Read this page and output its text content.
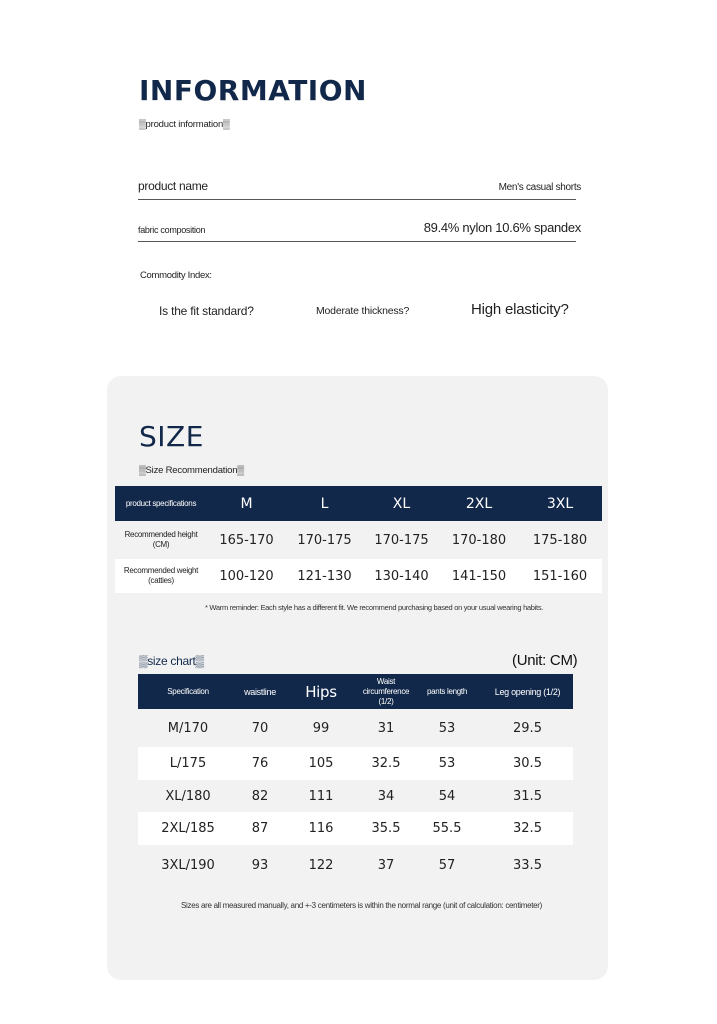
INFORMATION
▒product information▒
product name	Men's casual shorts
fabric composition	89.4% nylon 10.6% spandex
Commodity Index:
Is the fit standard?	Moderate thickness?	High elasticity?
SIZE
▒Size Recommendation▒
product specifications	M	L	XL	2XL	3XL
Recommended height (CM)	165-170	170-175	170-175	170-180	175-180
Recommended weight (catties)	100-120	121-130	130-140	141-150	151-160
* Warm reminder: Each style has a different fit. We recommend purchasing based on your usual wearing habits.
▒size chart▒	(Unit: CM)
Specification	waistline	Hips	Waist circumference (1/2)	pants length	Leg opening (1/2)
M/170	70	99	31	53	29.5
L/175	76	105	32.5	53	30.5
XL/180	82	111	34	54	31.5
2XL/185	87	116	35.5	55.5	32.5
3XL/190	93	122	37	57	33.5
Sizes are all measured manually, and +-3 centimeters is within the normal range (unit of calculation: centimeter)
